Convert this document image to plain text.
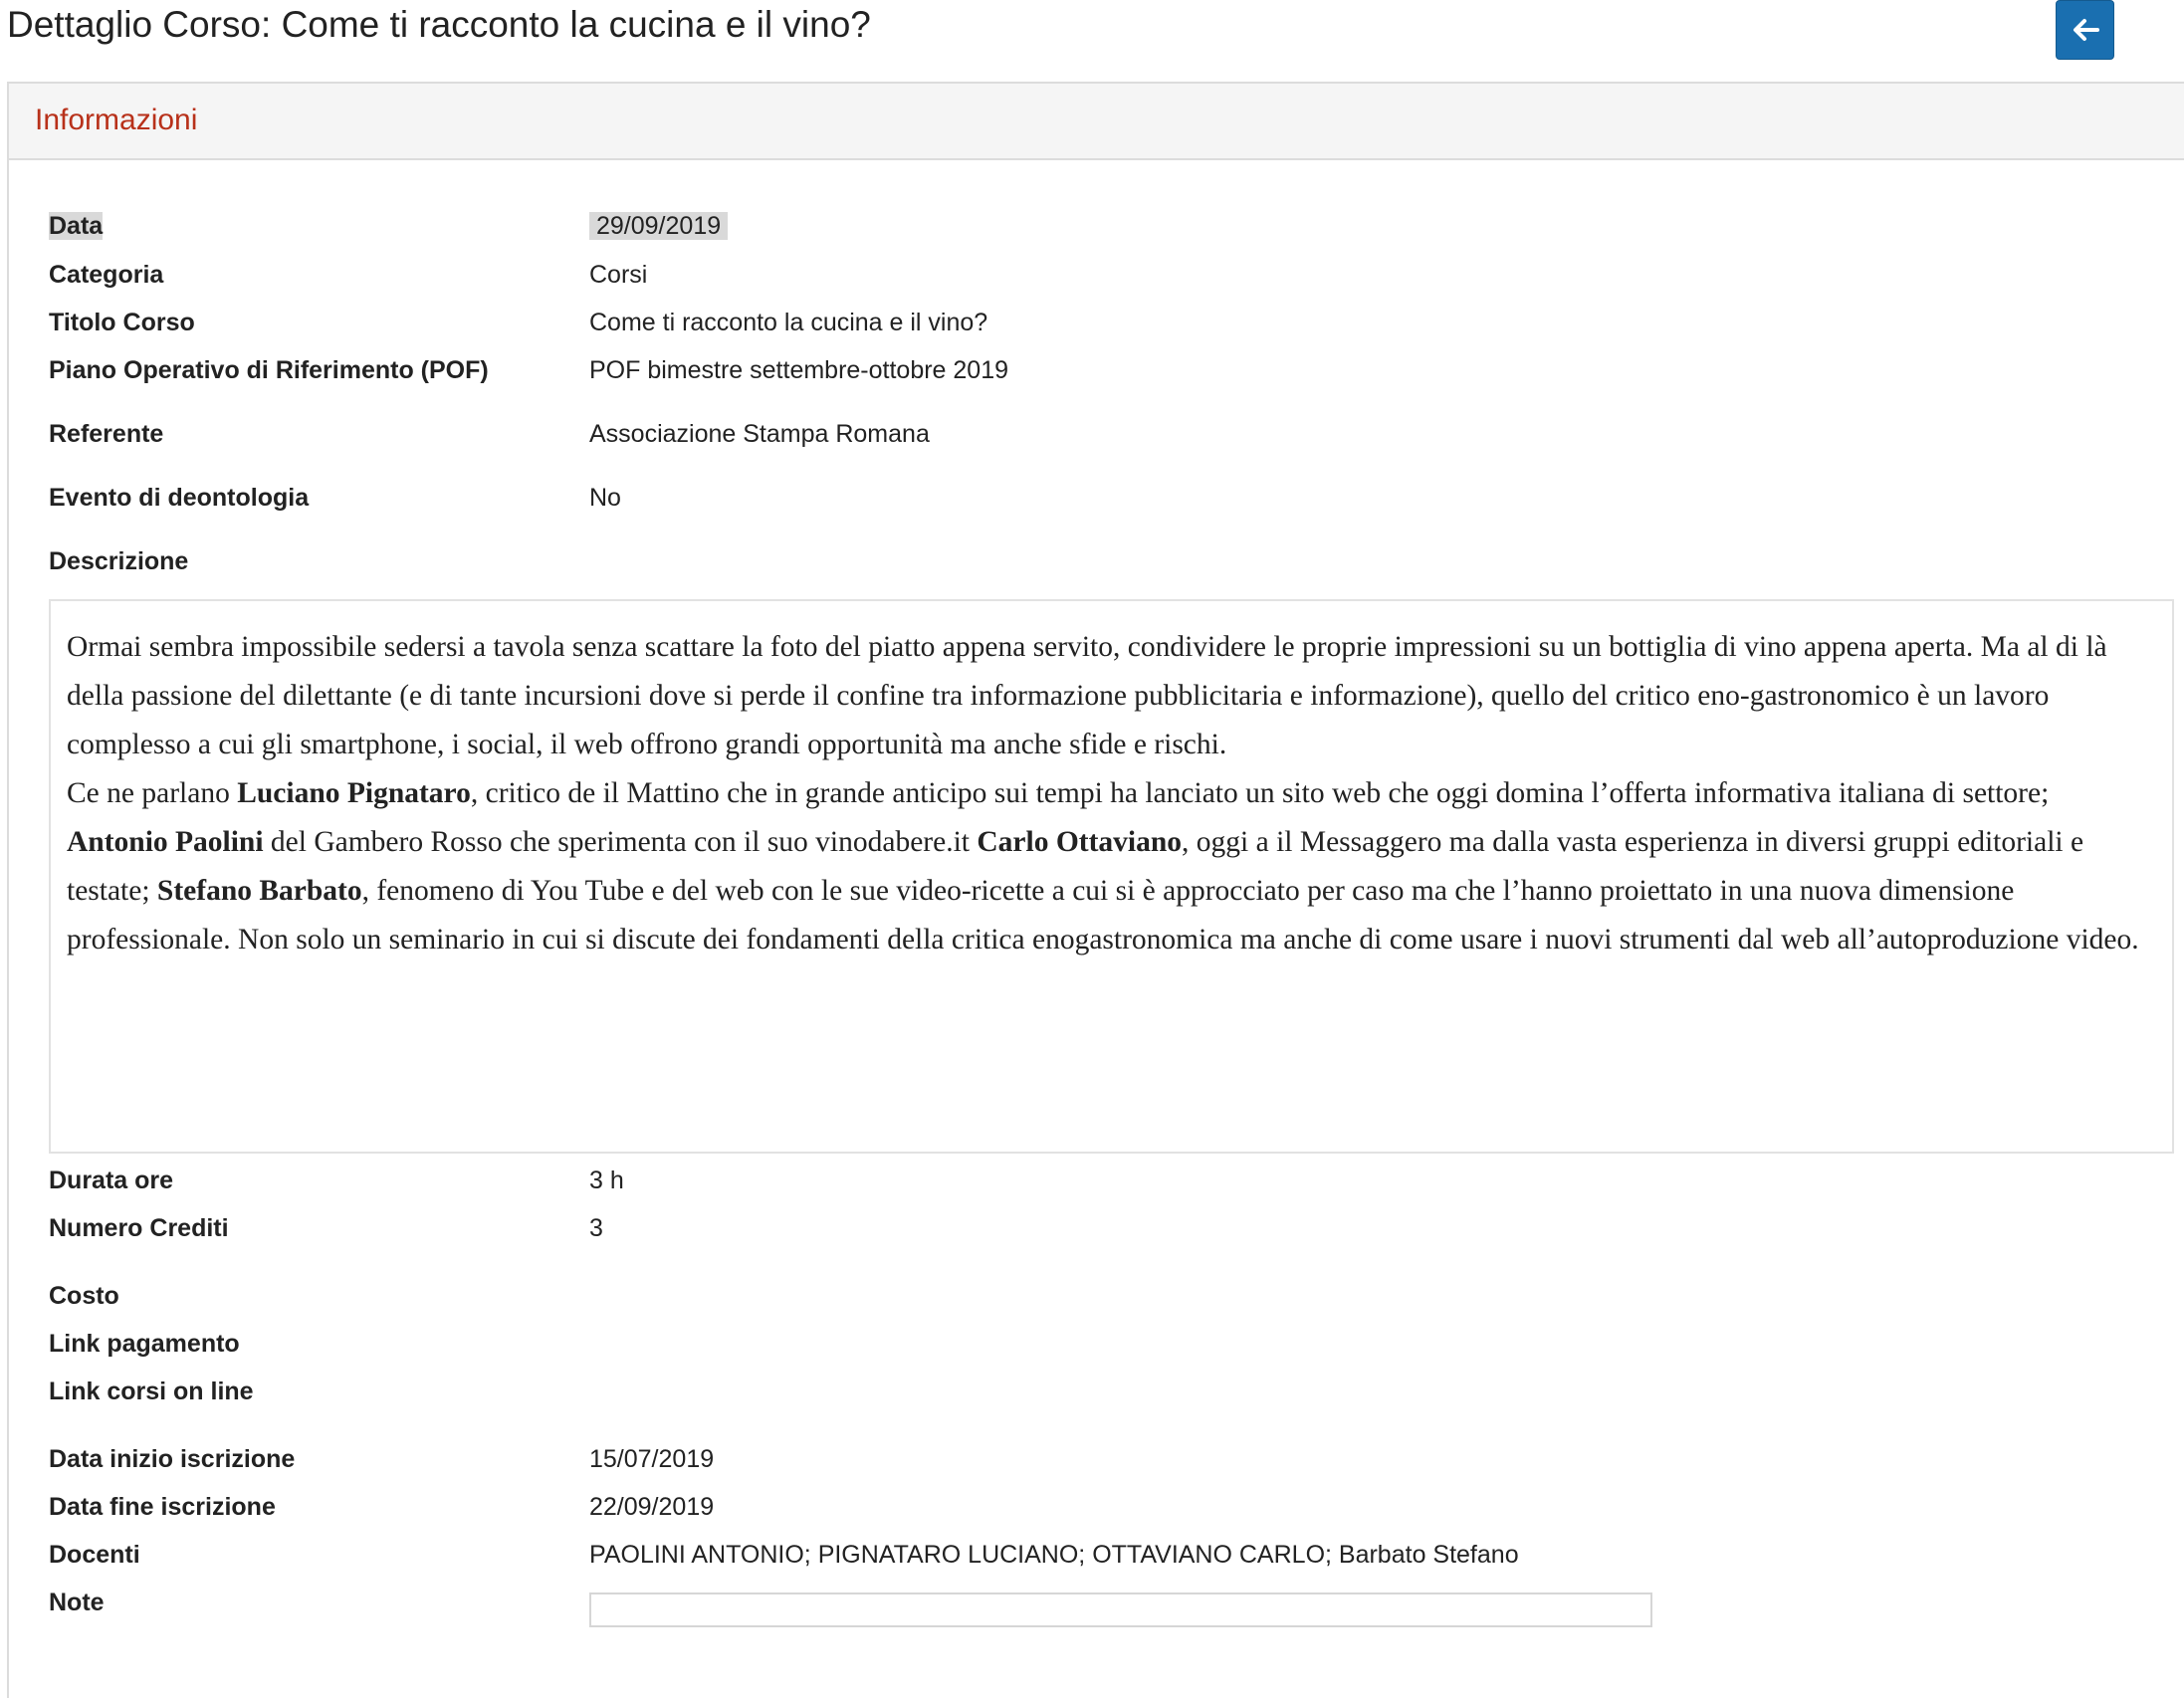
Dettaglio Corso: Come ti racconto la cucina e il vino?
Informazioni
Data	29/09/2019
Categoria	Corsi
Titolo Corso	Come ti racconto la cucina e il vino?
Piano Operativo di Riferimento (POF)	POF bimestre settembre-ottobre 2019
Referente	Associazione Stampa Romana
Evento di deontologia	No
Descrizione

Ormai sembra impossibile sedersi a tavola senza scattare la foto del piatto appena servito, condividere le proprie impressioni su un bottiglia di vino appena aperta. Ma al di là della passione del dilettante (e di tante incursioni dove si perde il confine tra informazione pubblicitaria e informazione), quello del critico eno-gastronomico è un lavoro complesso a cui gli smartphone, i social, il web offrono grandi opportunità ma anche sfide e rischi.

Ce ne parlano Luciano Pignataro, critico de il Mattino che in grande anticipo sui tempi ha lanciato un sito web che oggi domina l’offerta informativa italiana di settore; Antonio Paolini del Gambero Rosso che sperimenta con il suo vinodabere.it Carlo Ottaviano, oggi a il Messaggero ma dalla vasta esperienza in diversi gruppi editoriali e testate; Stefano Barbato, fenomeno di You Tube e del web con le sue video-ricette a cui si è approcciato per caso ma che l’hanno proiettato in una nuova dimensione professionale. Non solo un seminario in cui si discute dei fondamenti della critica enogastronomica ma anche di come usare i nuovi strumenti dal web all’autoproduzione video.

Durata ore	3 h
Numero Crediti	3
Costo
Link pagamento
Link corsi on line
Data inizio iscrizione	15/07/2019
Data fine iscrizione	22/09/2019
Docenti	PAOLINI ANTONIO; PIGNATARO LUCIANO; OTTAVIANO CARLO; Barbato Stefano
Note
